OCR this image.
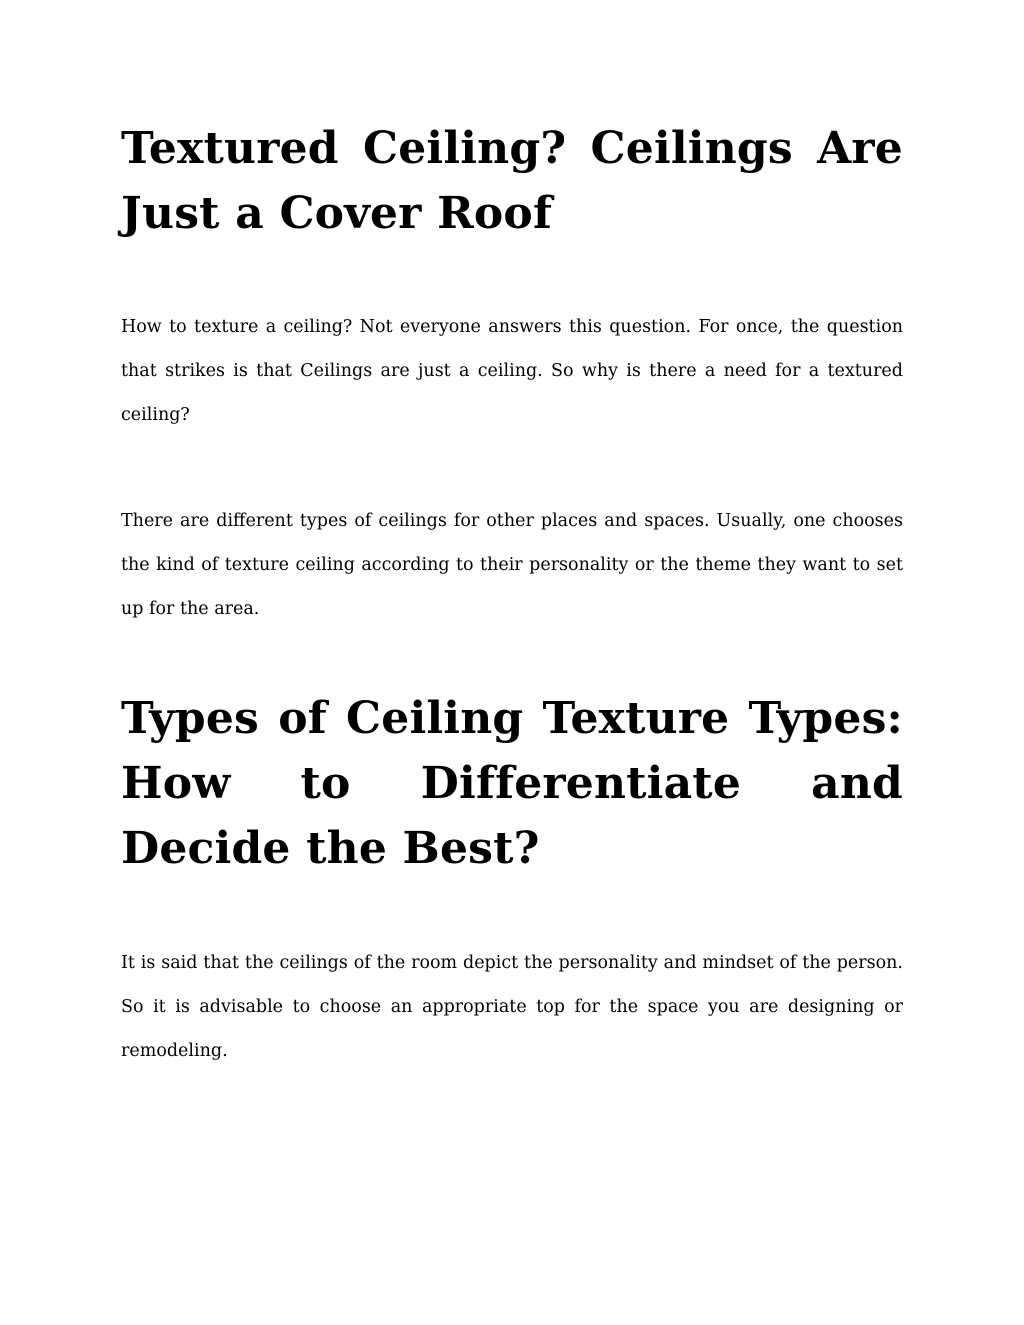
Textured Ceiling? Ceilings Are Just a Cover Roof

How to texture a ceiling? Not everyone answers this question. For once, the question that strikes is that Ceilings are just a ceiling. So why is there a need for a textured ceiling?

There are different types of ceilings for other places and spaces. Usually, one chooses the kind of texture ceiling according to their personality or the theme they want to set up for the area.

Types of Ceiling Texture Types: How to Differentiate and Decide the Best?

It is said that the ceilings of the room depict the personality and mindset of the person. So it is advisable to choose an appropriate top for the space you are designing or remodeling.
